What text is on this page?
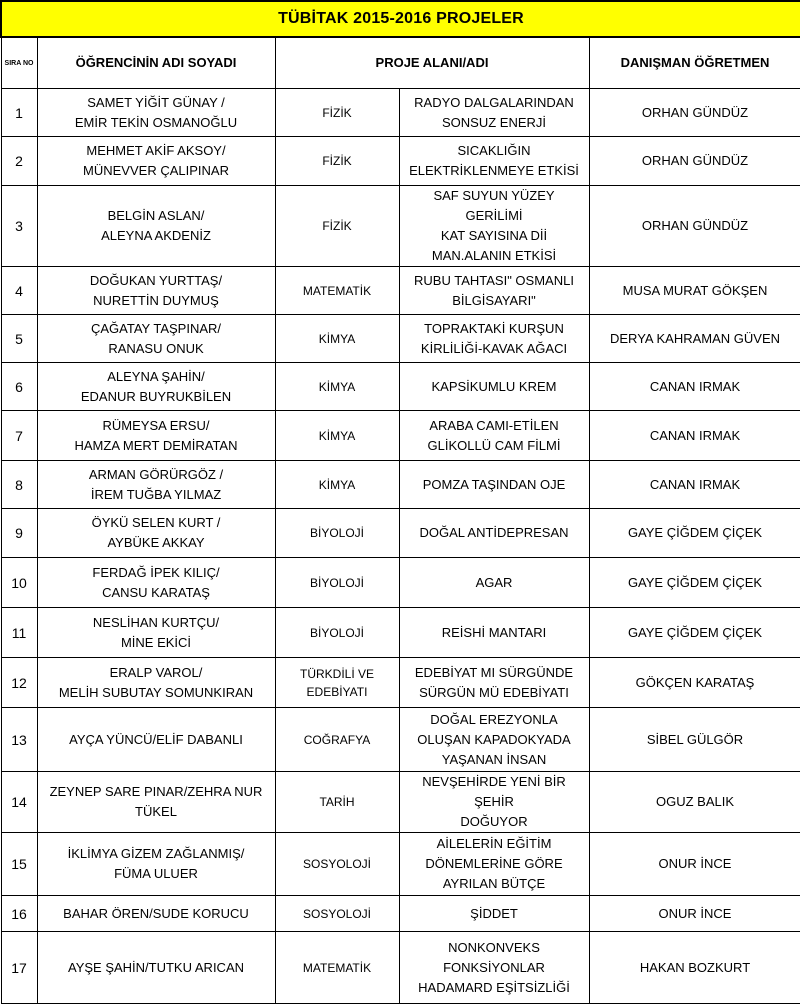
TÜBİTAK 2015-2016 PROJELER				
SIRA NO	ÖĞRENCİNİN ADI SOYADI	PROJE ALANI/ADI		DANIŞMAN ÖĞRETMEN
1	SAMET YİĞİT GÜNAY /
EMİR TEKİN OSMANOĞLU	FİZİK	RADYO DALGALARINDAN
SONSUZ ENERJİ	ORHAN GÜNDÜZ
2	MEHMET AKİF AKSOY/
MÜNEVVER ÇALIPINAR	FİZİK	SICAKLIĞIN
ELEKTRİKLENMEYE ETKİSİ	ORHAN GÜNDÜZ
3	BELGİN ASLAN/
ALEYNA AKDENİZ	FİZİK	SAF SUYUN YÜZEY GERİLİMİ
KAT SAYISINA Dİİ
MAN.ALANIN ETKİSİ	ORHAN GÜNDÜZ
4	DOĞUKAN YURTTAŞ/
NURETTİN DUYMUŞ	MATEMATİK	RUBU TAHTASI" OSMANLI
BİLGİSAYARI"	MUSA MURAT GÖKŞEN
5	ÇAĞATAY TAŞPINAR/
RANASU ONUK	KİMYA	TOPRAKTAKİ KURŞUN
KİRLİLİĞİ-KAVAK AĞACI	DERYA KAHRAMAN GÜVEN
6	ALEYNA ŞAHİN/
EDANUR BUYRUKBİLEN	KİMYA	KAPSİKUMLU KREM	CANAN IRMAK
7	RÜMEYSA ERSU/
HAMZA MERT DEMİRATAN	KİMYA	ARABA CAMI-ETİLEN
GLİKOLLÜ CAM FİLMİ	CANAN IRMAK
8	ARMAN GÖRÜRGÖZ /
İREM TUĞBA YILMAZ	KİMYA	POMZA TAŞINDAN OJE	CANAN IRMAK
9	ÖYKÜ SELEN KURT /
AYBÜKE AKKAY	BİYOLOJİ	DOĞAL ANTİDEPRESAN	GAYE ÇİĞDEM ÇİÇEK
10	FERDAĞ İPEK KILIÇ/
CANSU KARATAŞ	BİYOLOJİ	AGAR	GAYE ÇİĞDEM ÇİÇEK
11	NESLİHAN KURTÇU/
MİNE EKİCİ	BİYOLOJİ	REİSHİ MANTARI	GAYE ÇİĞDEM ÇİÇEK
12	ERALP VAROL/
MELİH SUBUTAY SOMUNKIRAN	TÜRKDİLİ VE
EDEBİYATI	EDEBİYAT MI SÜRGÜNDE
SÜRGÜN MÜ EDEBİYATI	GÖKÇEN KARATAŞ
13	AYÇA YÜNCÜ/ELİF DABANLI	COĞRAFYA	DOĞAL EREZYONLA
OLUŞAN KAPADOKYADA
YAŞANAN İNSAN	SİBEL GÜLGÖR
14	ZEYNEP SARE PINAR/ZEHRA NUR
TÜKEL	TARİH	NEVŞEHİRDE YENİ BİR ŞEHİR
DOĞUYOR	OGUZ BALIK
15	İKLİMYA GİZEM ZAĞLANMIŞ/
FÜMA ULUER	SOSYOLOJİ	AİLELERİN EĞİTİM
DÖNEMLERİNE GÖRE
AYRILAN BÜTÇE	ONUR İNCE
16	BAHAR ÖREN/SUDE KORUCU	SOSYOLOJİ	ŞİDDET	ONUR İNCE
17	AYŞE ŞAHİN/TUTKU ARICAN	MATEMATİK	NONKONVEKS
FONKSİYONLAR
HADAMARD EŞİTSİZLİĞİ	HAKAN BOZKURT
